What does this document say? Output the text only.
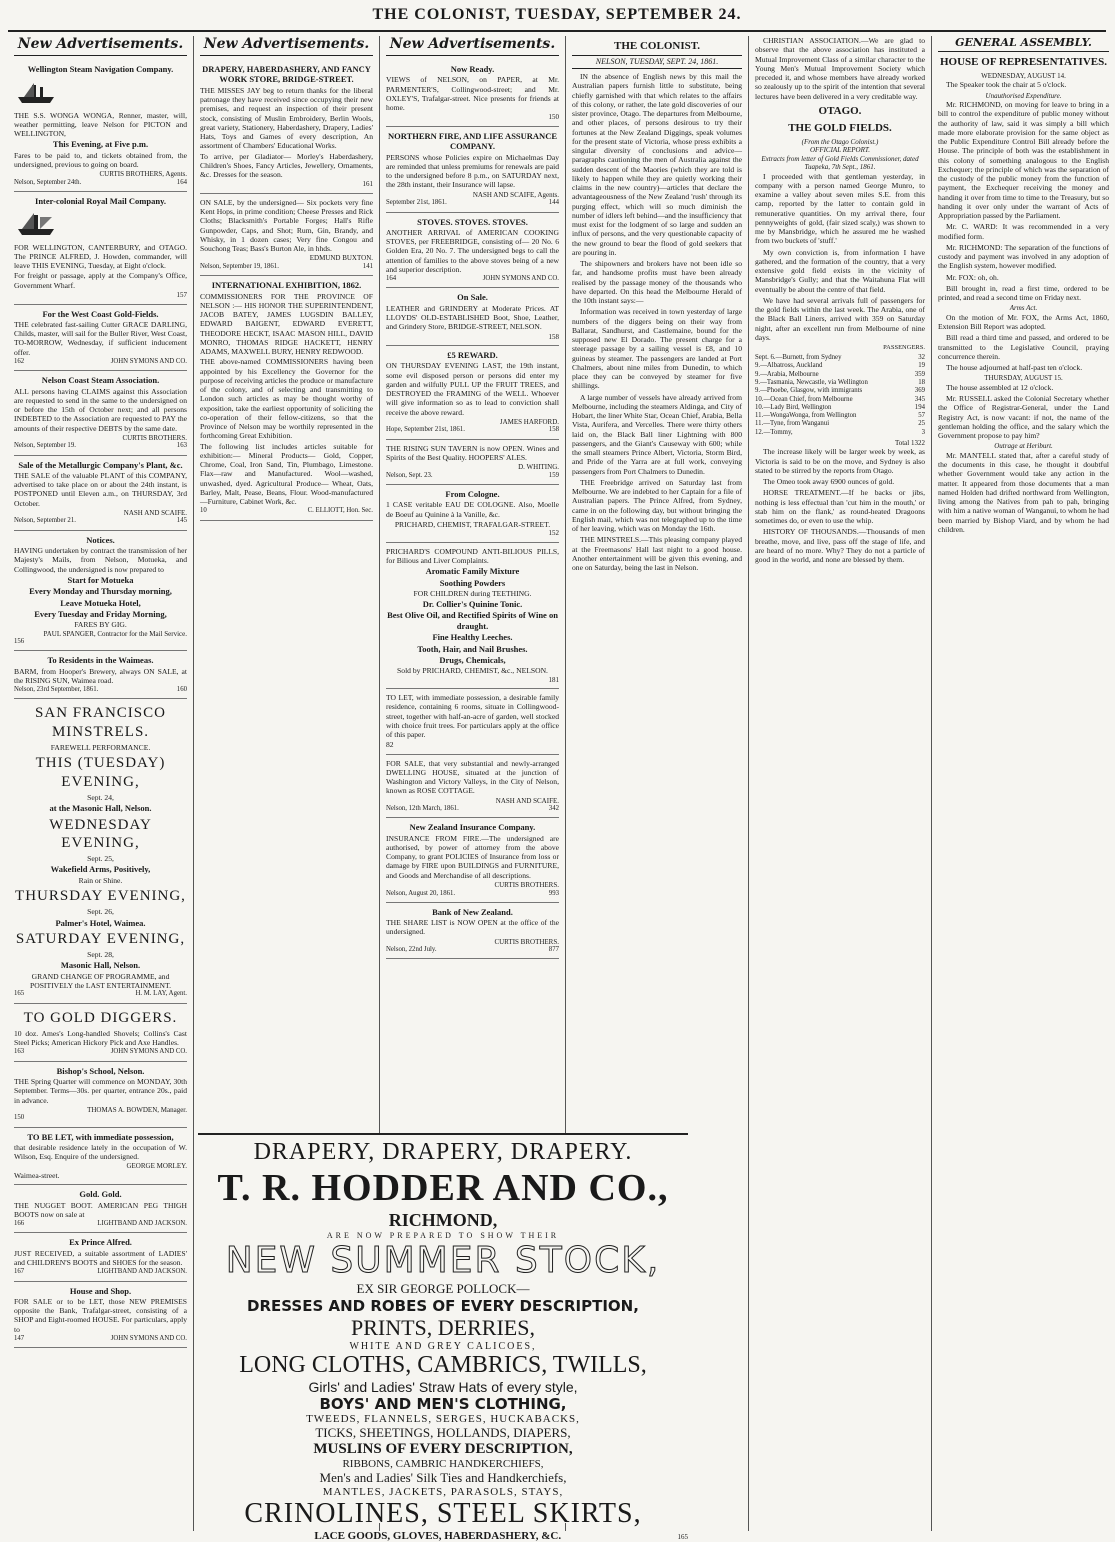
THE COLONIST, TUESDAY, SEPTEMBER 24.
New Advertisements.
Wellington Steam Navigation Company.

THE S.S. WONGA WONGA, Renner, master, will, weather permitting, leave Nelson for PICTON and WELLINGTON,

This Evening, at Five p.m.

Fares to be paid to, and tickets obtained from, the undersigned, previous to going on board.

CURTIS BROTHERS, Agents.
Nelson, September 24th.	164
Inter-colonial Royal Mail Company.

FOR WELLINGTON, CANTERBURY, and OTAGO. The PRINCE ALFRED, J. Howden, commander, will leave THIS EVENING, Tuesday, at Eight o'clock.

For freight or passage, apply at the Company's Office, Government Wharf.

157
For the West Coast Gold-Fields.

THE celebrated fast-sailing Cutter GRACE DARLING, Childs, master, will sail for the Buller River, West Coast, TO-MORROW, Wednesday, if sufficient inducement offer.

162	JOHN SYMONS AND CO.
Nelson Coast Steam Association.

ALL persons having CLAIMS against this Association are requested to send in the same to the undersigned on or before the 15th of October next; and all persons INDEBTED to the Association are requested to PAY the amounts of their respective DEBTS by the same date.

CURTIS BROTHERS.
Nelson, September 19.	163
Sale of the Metallurgic Company's Plant, &c.

THE SALE of the valuable PLANT of this COMPANY, advertised to take place on or about the 24th instant, is POSTPONED until Eleven a.m., on THURSDAY, 3rd October.

NASH AND SCAIFE.
Nelson, September 21.	145
Notices.

HAVING undertaken by contract the transmission of her Majesty's Mails, from Nelson, Motueka, and Collingwood, the undersigned is now prepared to

Start for Motueka
Every Monday and Thursday morning,
Leave Motueka Hotel,
Every Tuesday and Friday Morning,
FARES BY GIG.
PAUL SPANGER, Contractor for the Mail Service.
156
To Residents in the Waimeas.

BARM, from Hooper's Brewery, always ON SALE, at the RISING SUN, Waimea road.

Nelson, 23rd September, 1861.	160
SAN FRANCISCO MINSTRELS.
FAREWELL PERFORMANCE.
THIS (TUESDAY) EVENING,
Sept. 24,
at the Masonic Hall, Nelson.
WEDNESDAY EVENING,
Sept. 25,
Wakefield Arms, Positively,
Rain or Shine.
THURSDAY EVENING,
Sept. 26,
Palmer's Hotel, Waimea.
SATURDAY EVENING,
Sept. 28,
Masonic Hall, Nelson.
GRAND CHANGE OF PROGRAMME, and
POSITIVELY the LAST ENTERTAINMENT.
165	H. M. LAY, Agent.
TO GOLD DIGGERS.

10 doz. Ames's Long-handled Shovels; Collins's Cast Steel Picks; American Hickory Pick and Axe Handles.

163	JOHN SYMONS AND CO.
Bishop's School, Nelson.

THE Spring Quarter will commence on MONDAY, 30th September. Terms—30s. per quarter, entrance 20s., paid in advance.

THOMAS A. BOWDEN, Manager.
150
TO BE LET, with immediate possession,

that desirable residence lately in the occupation of W. Wilson, Esq. Enquire of the undersigned.

GEORGE MORLEY.
Waimea-street.
Gold. Gold.

THE NUGGET BOOT. AMERICAN PEG THIGH BOOTS now on sale at

166	LIGHTBAND AND JACKSON.
Ex Prince Alfred.

JUST RECEIVED, a suitable assortment of LADIES' and CHILDREN'S BOOTS and SHOES for the season.

167	LIGHTBAND AND JACKSON.
House and Shop.

FOR SALE or to be LET, those NEW PREMISES opposite the Bank, Trafalgar-street, consisting of a SHOP and Eight-roomed HOUSE. For particulars, apply to

147	JOHN SYMONS AND CO.
New Advertisements.
DRAPERY, HABERDASHERY, AND FANCY WORK STORE, BRIDGE-STREET.

THE MISSES JAY beg to return thanks for the liberal patronage they have received since occupying their new premises, and request an inspection of their present stock, consisting of Muslin Embroidery, Berlin Wools, great variety, Stationery, Haberdashery, Drapery, Ladies' Hats, Toys and Games of every description, An assortment of Chambers' Educational Works.

To arrive, per Gladiator— Morley's Haberdashery, Children's Shoes, Fancy Articles, Jewellery, Ornaments, &c. Dresses for the season.

161

ON SALE, by the undersigned— Six pockets very fine Kent Hops, in prime condition; Cheese Presses and Rick Cloths; Blacksmith's Portable Forges; Hall's Rifle Gunpowder, Caps, and Shot; Rum, Gin, Brandy, and Whisky, in 1 dozen cases; Very fine Congou and Souchong Teas; Bass's Burton Ale, in hhds.

EDMUND BUXTON.
Nelson, September 19, 1861.	141
INTERNATIONAL EXHIBITION, 1862.

COMMISSIONERS FOR THE PROVINCE OF NELSON :— HIS HONOR THE SUPERINTENDENT, JACOB BATEY, JAMES LUGSDIN BALLEY, EDWARD BAIGENT, EDWARD EVERETT, THEODORE HECKT, ISAAC MASON HILL, DAVID MONRO, THOMAS RIDGE HACKETT, HENRY ADAMS, MAXWELL BURY, HENRY REDWOOD.

THE above-named COMMISSIONERS having been appointed by his Excellency the Governor for the purpose of receiving articles the produce or manufacture of the colony, and of selecting and transmitting to London such articles as may be thought worthy of exposition, take the earliest opportunity of soliciting the co-operation of their fellow-citizens, so that the Province of Nelson may be worthily represented in the forthcoming Great Exhibition.

The following list includes articles suitable for exhibition:— Mineral Products— Gold, Copper, Chrome, Coal, Iron Sand, Tin, Plumbago, Limestone. Flax—raw and Manufactured. Wool—washed, unwashed, dyed. Agricultural Produce— Wheat, Oats, Barley, Malt, Pease, Beans, Flour. Wood-manufactured—Furniture, Cabinet Work, &c.

10	C. ELLIOTT, Hon. Sec.
New Advertisements.
Now Ready.

VIEWS of NELSON, on PAPER, at Mr. PARMENTER'S, Collingwood-street; and Mr. OXLEY'S, Trafalgar-street. Nice presents for friends at home.

150
NORTHERN FIRE, AND LIFE ASSURANCE COMPANY.

PERSONS whose Policies expire on Michaelmas Day are reminded that unless premiums for renewals are paid to the undersigned before 8 p.m., on SATURDAY next, the 28th instant, their Insurance will lapse.

NASH AND SCAIFE, Agents.
September 21st, 1861.	144
STOVES. STOVES. STOVES.

ANOTHER ARRIVAL of AMERICAN COOKING STOVES, per FREEBRIDGE, consisting of— 20 No. 6 Golden Era, 20 No. 7. The undersigned begs to call the attention of families to the above stoves being of a new and superior description.

164	JOHN SYMONS AND CO.
On Sale.

LEATHER and GRINDERY at Moderate Prices. AT LLOYDS' OLD-ESTABLISHED Boot, Shoe, Leather, and Grindery Store, BRIDGE-STREET, NELSON.

158
£5 REWARD.

ON THURSDAY EVENING LAST, the 19th instant, some evil disposed person or persons did enter my garden and wilfully PULL UP the FRUIT TREES, and DESTROYED the FRAMING of the WELL. Whoever will give information so as to lead to conviction shall receive the above reward.

JAMES HARFORD.
Hope, September 21st, 1861.	158

THE RISING SUN TAVERN is now OPEN. Wines and Spirits of the Best Quality. HOOPERS' ALES.

D. WHITING.
Nelson, Sept. 23.	159
From Cologne.

1 CASE veritable EAU DE COLOGNE. Also, Moelle de Boeuf au Quinine à la Vanille, &c.

PRICHARD, CHEMIST, TRAFALGAR-STREET.
152

PRICHARD'S COMPOUND ANTI-BILIOUS PILLS, for Bilious and Liver Complaints.

Aromatic Family Mixture
Soothing Powders
FOR CHILDREN during TEETHING.
Dr. Collier's Quinine Tonic.
Best Olive Oil, and Rectified Spirits of Wine on draught.
Fine Healthy Leeches.
Tooth, Hair, and Nail Brushes.
Drugs, Chemicals,
Sold by PRICHARD, CHEMIST, &c., NELSON.
181

TO LET, with immediate possession, a desirable family residence, containing 6 rooms, situate in Collingwood-street, together with half-an-acre of garden, well stocked with choice fruit trees. For particulars apply at the office of this paper.

82

FOR SALE, that very substantial and newly-arranged DWELLING HOUSE, situated at the junction of Washington and Victory Valleys, in the City of Nelson, known as ROSE COTTAGE.

NASH AND SCAIFE.
Nelson, 12th March, 1861.	342
New Zealand Insurance Company.

INSURANCE FROM FIRE.—The undersigned are authorised, by power of attorney from the above Company, to grant POLICIES of Insurance from loss or damage by FIRE upon BUILDINGS and FURNITURE, and Goods and Merchandise of all descriptions.

CURTIS BROTHERS.
Nelson, August 20, 1861.	993
Bank of New Zealand.

THE SHARE LIST is NOW OPEN at the office of the undersigned.

CURTIS BROTHERS.
Nelson, 22nd July.	877
THE COLONIST.
NELSON, TUESDAY, SEPT. 24, 1861.

IN the absence of English news by this mail the Australian papers furnish little to substitute, being chiefly garnished with that which relates to the affairs of this colony, or rather, the late gold discoveries of our sister province, Otago. The departures from Melbourne, and other places, of persons desirous to try their fortunes at the New Zealand Diggings, speak volumes for the present state of Victoria, whose press exhibits a singular diversity of conclusions and advice—paragraphs cautioning the men of Australia against the sudden descent of the Maories (which they are told is likely to happen while they are quietly working their claims in the new country)—articles that declare the advantageousness of the New Zealand 'rush' through its purging effect, which will so much diminish the number of idlers left behind—and the insufficiency that must exist for the lodgment of so large and sudden an influx of persons, and the very questionable capacity of the new ground to bear the flood of gold seekers that are pouring in.

The shipowners and brokers have not been idle so far, and handsome profits must have been already realised by the passage money of the thousands who have departed. On this head the Melbourne Herald of the 10th instant says:—

Information was received in town yesterday of large numbers of the diggers being on their way from Ballarat, Sandhurst, and Castlemaine, bound for the supposed new El Dorado. The present charge for a steerage passage by a sailing vessel is £8, and 10 guineas by steamer. The passengers are landed at Port Chalmers, about nine miles from Dunedin, to which place they can be conveyed by steamer for five shillings.

A large number of vessels have already arrived from Melbourne, including the steamers Aldinga, and City of Hobart, the liner White Star, Ocean Chief, Arabia, Bella Vista, Aurifera, and Vercelles. There were thirty others laid on, the Black Ball liner Lightning with 800 passengers, and the Giant's Causeway with 600; while the small steamers Prince Albert, Victoria, Storm Bird, and Pride of the Yarra are at full work, conveying passengers from Port Chalmers to Dunedin.

THE Freebridge arrived on Saturday last from Melbourne. We are indebted to her Captain for a file of Australian papers. The Prince Alfred, from Sydney, came in on the following day, but without bringing the English mail, which was not telegraphed up to the time of her leaving, which was on Monday the 16th.

THE MINSTRELS.—This pleasing company played at the Freemasons' Hall last night to a good house. Another entertainment will be given this evening, and one on Saturday, being the last in Nelson.

CHRISTIAN ASSOCIATION.—We are glad to observe that the above association has instituted a Mutual Improvement Class of a similar character to the Young Men's Mutual Improvement Society which preceded it, and whose members have already worked so zealously up to the spirit of the intention that several lectures have been delivered in a very creditable way.

OTAGO.
THE GOLD FIELDS.
(From the Otago Colonist.)
OFFICIAL REPORT.
Extracts from letter of Gold Fields Commissioner, dated Tuapeka, 7th Sept., 1861.

I proceeded with that gentleman yesterday, in company with a person named George Munro, to examine a valley about seven miles S.E. from this camp, reported by the latter to contain gold in remunerative quantities. On my arrival there, four pennyweights of gold, (fair sized scaly,) was shown to me by Mansbridge, which he assured me he washed from two buckets of 'stuff.'

My own conviction is, from information I have gathered, and the formation of the country, that a very extensive gold field exists in the vicinity of Mansbridge's Gully; and that the Waitahuna Flat will eventually be about the centre of that field.

We have had several arrivals full of passengers for the gold fields within the last week. The Arabia, one of the Black Ball Liners, arrived with 359 on Saturday night, after an excellent run from Melbourne of nine days.

PASSENGERS.
Sept. 6.—Burnett, from Sydney	32
9.—Albatross, Auckland	19
9.—Arabia, Melbourne	359
9.—Tasmania, Newcastle, via Wellington	18
9.—Phoebe, Glasgow, with immigrants	369
10.—Ocean Chief, from Melbourne	345
10.—Lady Bird, Wellington	194
11.—WongaWonga, from Wellington	57
11.—Tyne, from Wanganui	25
12.—Tommy,	3
Total 1322

The increase likely will be larger week by week, as Victoria is said to be on the move, and Sydney is also stated to be stirred by the reports from Otago.

The Omeo took away 6900 ounces of gold.

HORSE TREATMENT.—If he backs or jibs, nothing is less effectual than 'cut him in the mouth,' or stab him on the flank,' as round-heated Dragoons sometimes do, or even to use the whip.

HISTORY OF THOUSANDS.—Thousands of men breathe, move, and live, pass off the stage of life, and are heard of no more. Why? They do not a particle of good in the world, and none are blessed by them.

GENERAL ASSEMBLY.
HOUSE OF REPRESENTATIVES.
WEDNESDAY, AUGUST 14.

The Speaker took the chair at 5 o'clock.

Unauthorised Expenditure.

Mr. RICHMOND, on moving for leave to bring in a bill to control the expenditure of public money without the authority of law, said it was simply a bill which made more elaborate provision for the same object as the Public Expenditure Control Bill already before the House. The principle of both was the establishment in this colony of something analogous to the English Exchequer; the principle of which was the separation of the custody of the public money from the function of payment, the Exchequer receiving the money and handing it over from time to time to the Treasury, but so handing it over only under the warrant of Acts of Appropriation passed by the Parliament.

Mr. C. WARD: It was recommended in a very modified form.

Mr. RICHMOND: The separation of the functions of custody and payment was involved in any adoption of the English system, however modified.

Mr. FOX: oh, oh.

Bill brought in, read a first time, ordered to be printed, and read a second time on Friday next.

Arms Act.

On the motion of Mr. FOX, the Arms Act, 1860, Extension Bill Report was adopted.

Bill read a third time and passed, and ordered to be transmitted to the Legislative Council, praying concurrence therein.

The house adjourned at half-past ten o'clock.

THURSDAY, AUGUST 15.

The house assembled at 12 o'clock.

Mr. RUSSELL asked the Colonial Secretary whether the Office of Registrar-General, under the Land Registry Act, is now vacant: if not, the name of the gentleman holding the office, and the salary which the Government propose to pay him?

Outrage at Heriburt.

Mr. MANTELL stated that, after a careful study of the documents in this case, he thought it doubtful whether Government would take any action in the matter. It appeared from those documents that a man named Holden had drifted northward from Wellington, living among the Natives from pah to pah, bringing with him a native woman of Wanganui, to whom he had been married by Bishop Viard, and by whom he had children.

DRAPERY, DRAPERY, DRAPERY.
T. R. HODDER AND CO.,
RICHMOND,
ARE NOW PREPARED TO SHOW THEIR
NEW SUMMER STOCK,
EX SIR GEORGE POLLOCK—
DRESSES AND ROBES OF EVERY DESCRIPTION,
PRINTS, DERRIES,
WHITE AND GREY CALICOES,
LONG CLOTHS, CAMBRICS, TWILLS,
Girls' and Ladies' Straw Hats of every style,
BOYS' AND MEN'S CLOTHING,
TWEEDS, FLANNELS, SERGES, HUCKABACKS,
TICKS, SHEETINGS, HOLLANDS, DIAPERS,
MUSLINS OF EVERY DESCRIPTION,
RIBBONS, CAMBRIC HANDKERCHIEFS,
Men's and Ladies' Silk Ties and Handkerchiefs,
MANTLES, JACKETS, PARASOLS, STAYS,
CRINOLINES, STEEL SKIRTS,
LACE GOODS, GLOVES, HABERDASHERY, &C.	165
